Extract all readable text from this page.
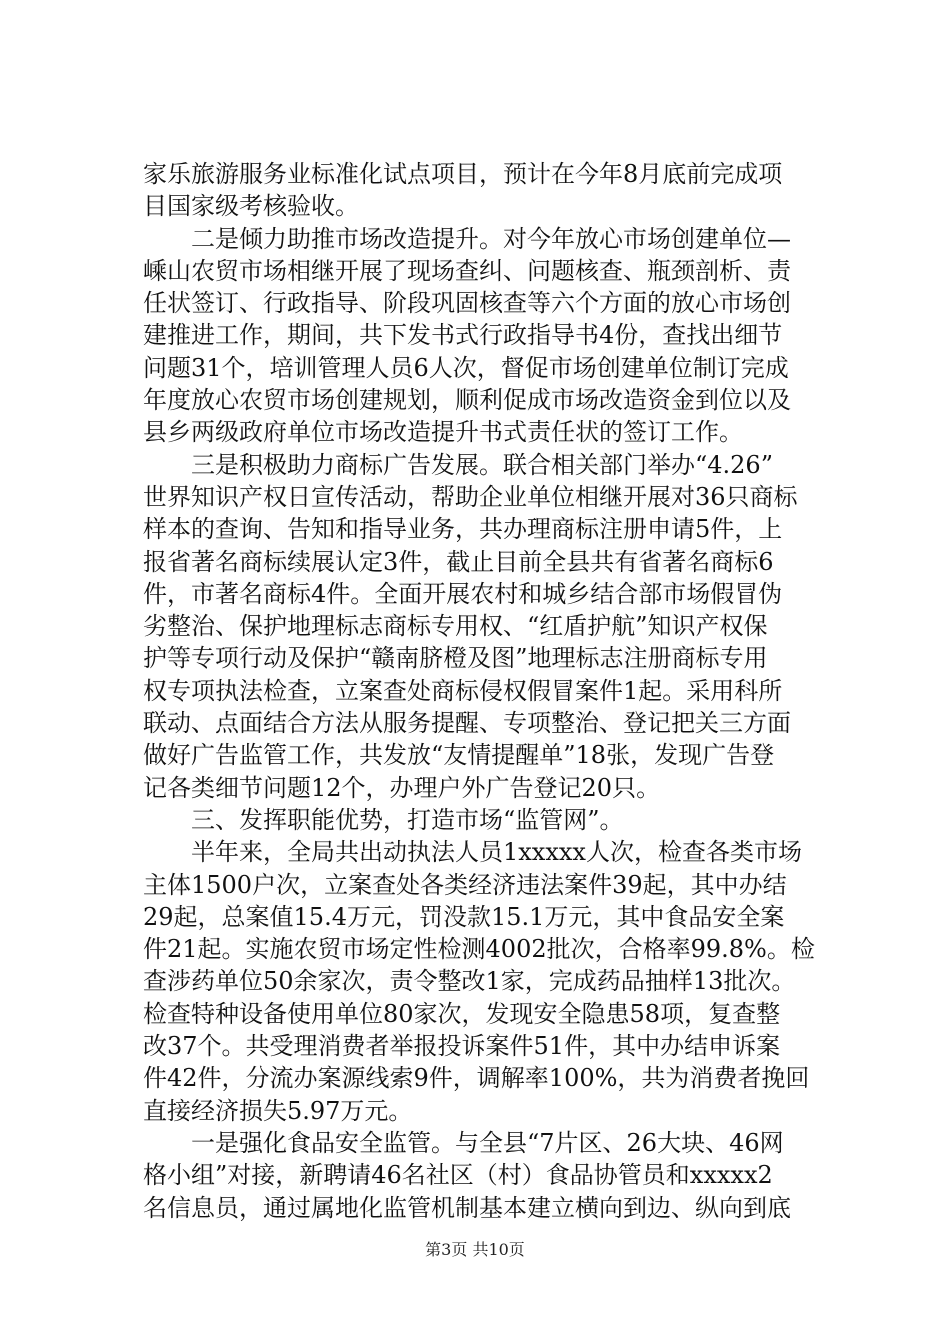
家乐旅游服务业标准化试点项目，预计在今年8月底前完成项
目国家级考核验收。
二是倾力助推市场改造提升。对今年放心市场创建单位—
嵊山农贸市场相继开展了现场查纠、问题核查、瓶颈剖析、责
任状签订、行政指导、阶段巩固核查等六个方面的放心市场创
建推进工作，期间，共下发书式行政指导书4份，查找出细节
问题31个，培训管理人员6人次，督促市场创建单位制订完成
年度放心农贸市场创建规划，顺利促成市场改造资金到位以及
县乡两级政府单位市场改造提升书式责任状的签订工作。
三是积极助力商标广告发展。联合相关部门举办“4.26”
世界知识产权日宣传活动，帮助企业单位相继开展对36只商标
样本的查询、告知和指导业务，共办理商标注册申请5件，上
报省著名商标续展认定3件，截止目前全县共有省著名商标6
件，市著名商标4件。全面开展农村和城乡结合部市场假冒伪
劣整治、保护地理标志商标专用权、“红盾护航”知识产权保
护等专项行动及保护“赣南脐橙及图”地理标志注册商标专用
权专项执法检查，立案查处商标侵权假冒案件1起。采用科所
联动、点面结合方法从服务提醒、专项整治、登记把关三方面
做好广告监管工作，共发放“友情提醒单”18张，发现广告登
记各类细节问题12个，办理户外广告登记20只。
三、发挥职能优势，打造市场“监管网”。
半年来，全局共出动执法人员1xxxxx人次，检查各类市场
主体1500户次，立案查处各类经济违法案件39起，其中办结
29起，总案值15.4万元，罚没款15.1万元，其中食品安全案
件21起。实施农贸市场定性检测4002批次，合格率99.8%。检
查涉药单位50余家次，责令整改1家，完成药品抽样13批次。
检查特种设备使用单位80家次，发现安全隐患58项，复查整
改37个。共受理消费者举报投诉案件51件，其中办结申诉案
件42件，分流办案源线索9件，调解率100%，共为消费者挽回
直接经济损失5.97万元。
一是强化食品安全监管。与全县“7片区、26大块、46网
格小组”对接，新聘请46名社区（村）食品协管员和xxxxx2
名信息员，通过属地化监管机制基本建立横向到边、纵向到底
第3页 共10页
